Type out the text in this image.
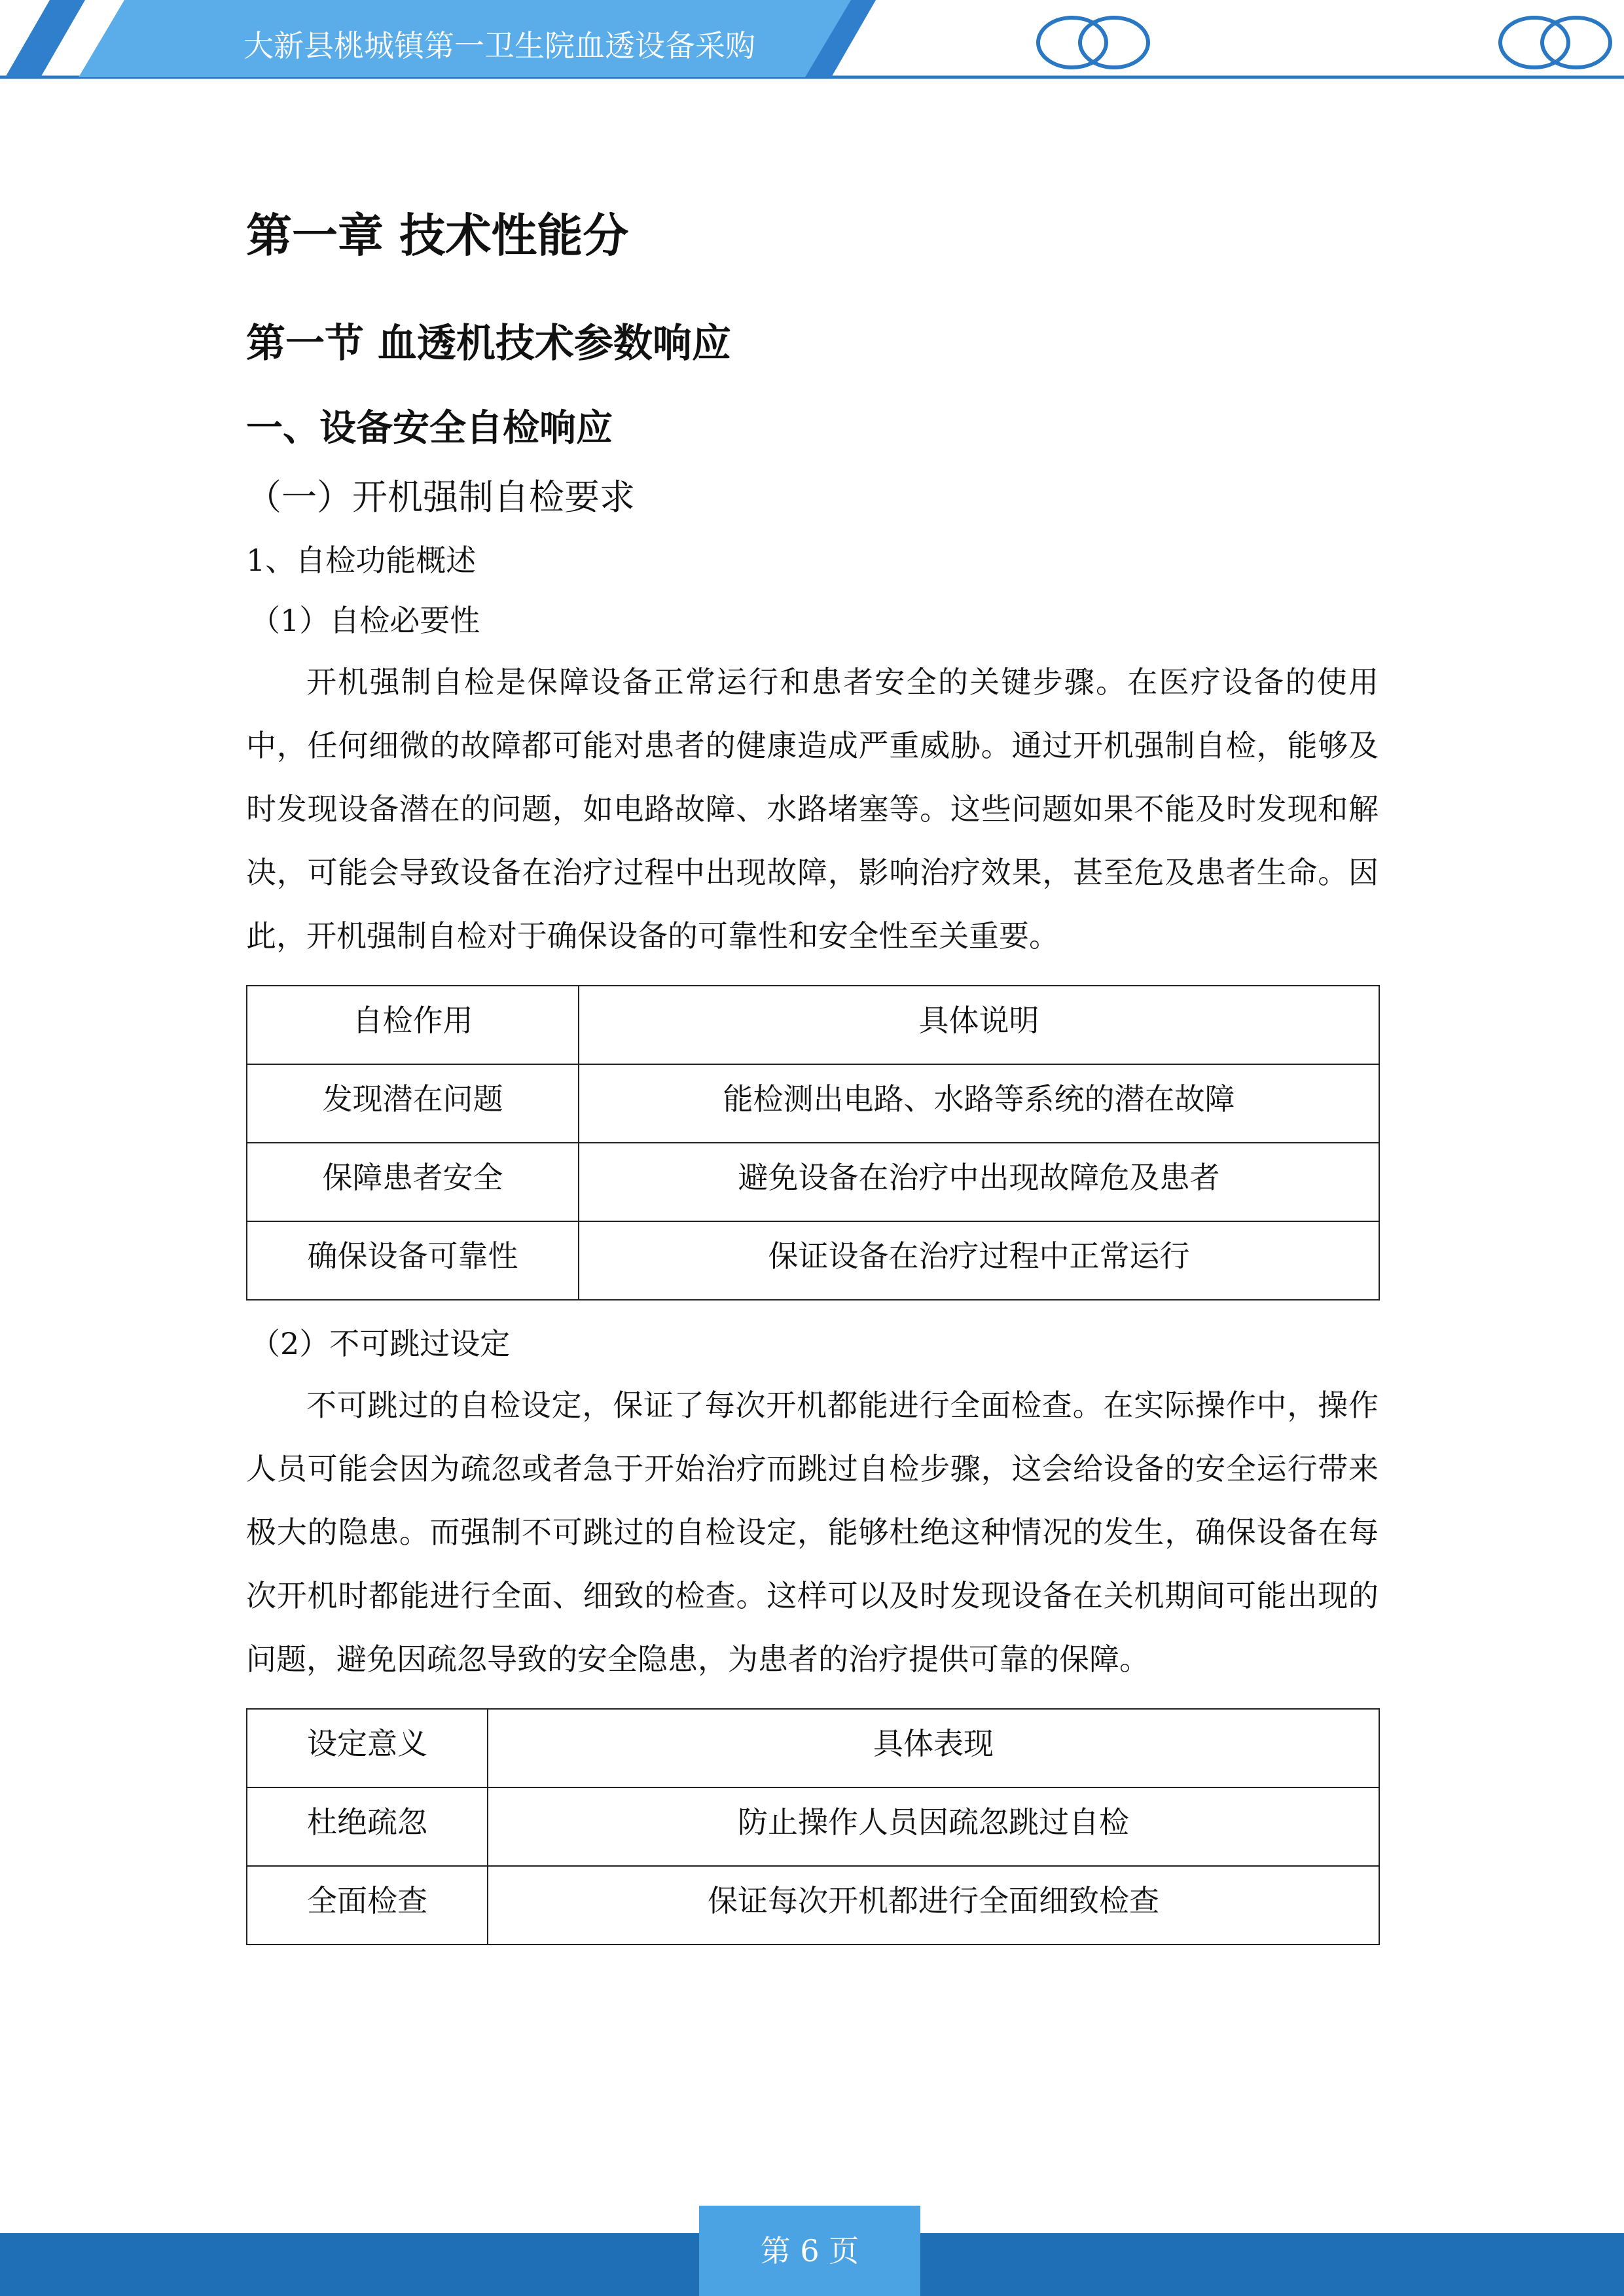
大新县桃城镇第一卫生院血透设备采购
第一章 技术性能分
第一节 血透机技术参数响应
一、设备安全自检响应
（一）开机强制自检要求
1、自检功能概述
（1）自检必要性

开机强制自检是保障设备正常运行和患者安全的关键步骤。在医疗设备的使用中，任何细微的故障都可能对患者的健康造成严重威胁。通过开机强制自检，能够及时发现设备潜在的问题，如电路故障、水路堵塞等。这些问题如果不能及时发现和解决，可能会导致设备在治疗过程中出现故障，影响治疗效果，甚至危及患者生命。因此，开机强制自检对于确保设备的可靠性和安全性至关重要。

自检作用	具体说明
发现潜在问题	能检测出电路、水路等系统的潜在故障
保障患者安全	避免设备在治疗中出现故障危及患者
确保设备可靠性	保证设备在治疗过程中正常运行
（2）不可跳过设定

不可跳过的自检设定，保证了每次开机都能进行全面检查。在实际操作中，操作人员可能会因为疏忽或者急于开始治疗而跳过自检步骤，这会给设备的安全运行带来极大的隐患。而强制不可跳过的自检设定，能够杜绝这种情况的发生，确保设备在每次开机时都能进行全面、细致的检查。这样可以及时发现设备在关机期间可能出现的问题，避免因疏忽导致的安全隐患，为患者的治疗提供可靠的保障。

设定意义	具体表现
杜绝疏忽	防止操作人员因疏忽跳过自检
全面检查	保证每次开机都进行全面细致检查
第 6 页
